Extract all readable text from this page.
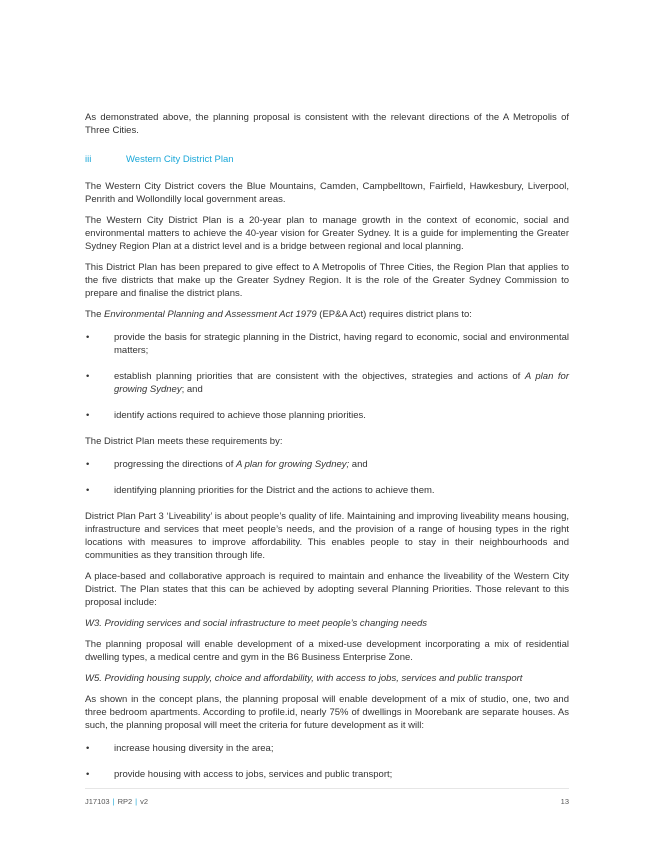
As demonstrated above, the planning proposal is consistent with the relevant directions of the A Metropolis of Three Cities.

iii	Western City District Plan

The Western City District covers the Blue Mountains, Camden, Campbelltown, Fairfield, Hawkesbury, Liverpool, Penrith and Wollondilly local government areas.

The Western City District Plan is a 20-year plan to manage growth in the context of economic, social and environmental matters to achieve the 40-year vision for Greater Sydney. It is a guide for implementing the Greater Sydney Region Plan at a district level and is a bridge between regional and local planning.

This District Plan has been prepared to give effect to A Metropolis of Three Cities, the Region Plan that applies to the five districts that make up the Greater Sydney Region. It is the role of the Greater Sydney Commission to prepare and finalise the district plans.

The Environmental Planning and Assessment Act 1979 (EP&A Act) requires district plans to:

•	provide the basis for strategic planning in the District, having regard to economic, social and environmental matters;
•	establish planning priorities that are consistent with the objectives, strategies and actions of A plan for growing Sydney; and
•	identify actions required to achieve those planning priorities.

The District Plan meets these requirements by:

•	progressing the directions of A plan for growing Sydney; and
•	identifying planning priorities for the District and the actions to achieve them.

District Plan Part 3 ‘Liveability’ is about people’s quality of life. Maintaining and improving liveability means housing, infrastructure and services that meet people’s needs, and the provision of a range of housing types in the right locations with measures to improve affordability. This enables people to stay in their neighbourhoods and communities as they transition through life.

A place-based and collaborative approach is required to maintain and enhance the liveability of the Western City District. The Plan states that this can be achieved by adopting several Planning Priorities. Those relevant to this proposal include:

W3. Providing services and social infrastructure to meet people’s changing needs

The planning proposal will enable development of a mixed-use development incorporating a mix of residential dwelling types, a medical centre and gym in the B6 Business Enterprise Zone.

W5. Providing housing supply, choice and affordability, with access to jobs, services and public transport

As shown in the concept plans, the planning proposal will enable development of a mix of studio, one, two and three bedroom apartments. According to profile.id, nearly 75% of dwellings in Moorebank are separate houses. As such, the planning proposal will meet the criteria for future development as it will:

•	increase housing diversity in the area;
•	provide housing with access to jobs, services and public transport;
J17103 | RP2 | v2	13
